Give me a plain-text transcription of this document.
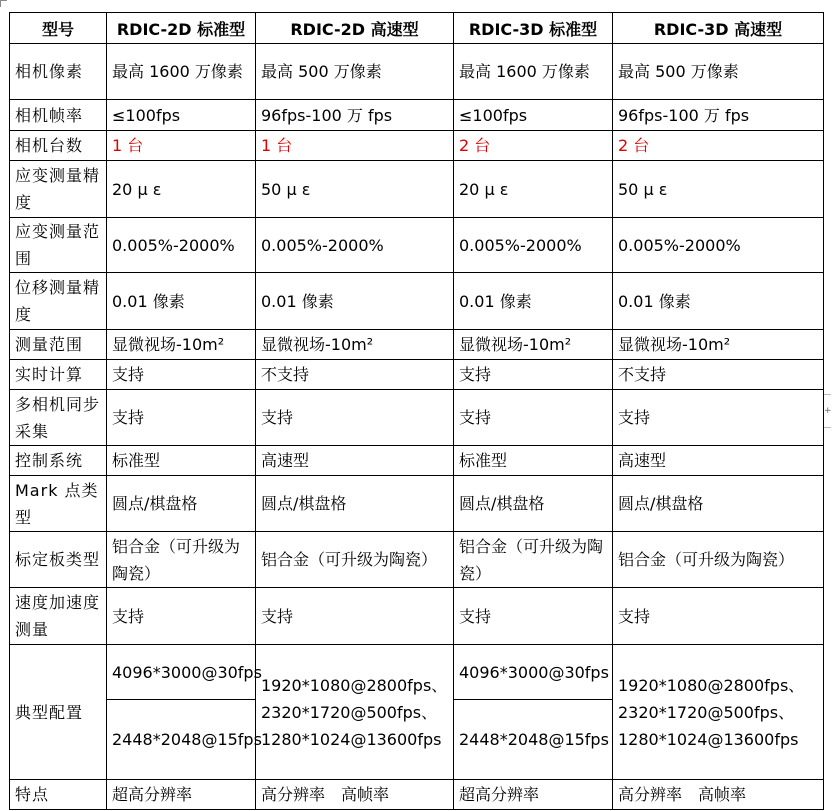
+
型号	RDIC-2D 标准型	RDIC-2D 高速型	RDIC-3D 标准型	RDIC-3D 高速型
相机像素	最高 1600 万像素	最高 500 万像素	最高 1600 万像素	最高 500 万像素
相机帧率	≤100fps	96fps-100 万 fps	≤100fps	96fps-100 万 fps
相机台数	1 台	1 台	2 台	2 台
应变测量精度	20 μ ε	50 μ ε	20 μ ε	50 μ ε
应变测量范围	0.005%-2000%	0.005%-2000%	0.005%-2000%	0.005%-2000%
位移测量精度	0.01 像素	0.01 像素	0.01 像素	0.01 像素
测量范围	显微视场-10m²	显微视场-10m²	显微视场-10m²	显微视场-10m²
实时计算	支持	不支持	支持	不支持
多相机同步采集	支持	支持	支持	支持
控制系统	标准型	高速型	标准型	高速型
Mark 点类型	圆点/棋盘格	圆点/棋盘格	圆点/棋盘格	圆点/棋盘格
标定板类型	铝合金（可升级为陶瓷）	铝合金（可升级为陶瓷）	铝合金（可升级为陶瓷）	铝合金（可升级为陶瓷）
速度加速度测量	支持	支持	支持	支持
典型配置	4096*3000@30fps	1920*1080@2800fps、2320*1720@500fps、1280*1024@13600fps	4096*3000@30fps	1920*1080@2800fps、2320*1720@500fps、1280*1024@13600fps
	2448*2048@15fps		2448*2048@15fps	
特点	超高分辨率	高分辨率　高帧率	超高分辨率	高分辨率　高帧率
